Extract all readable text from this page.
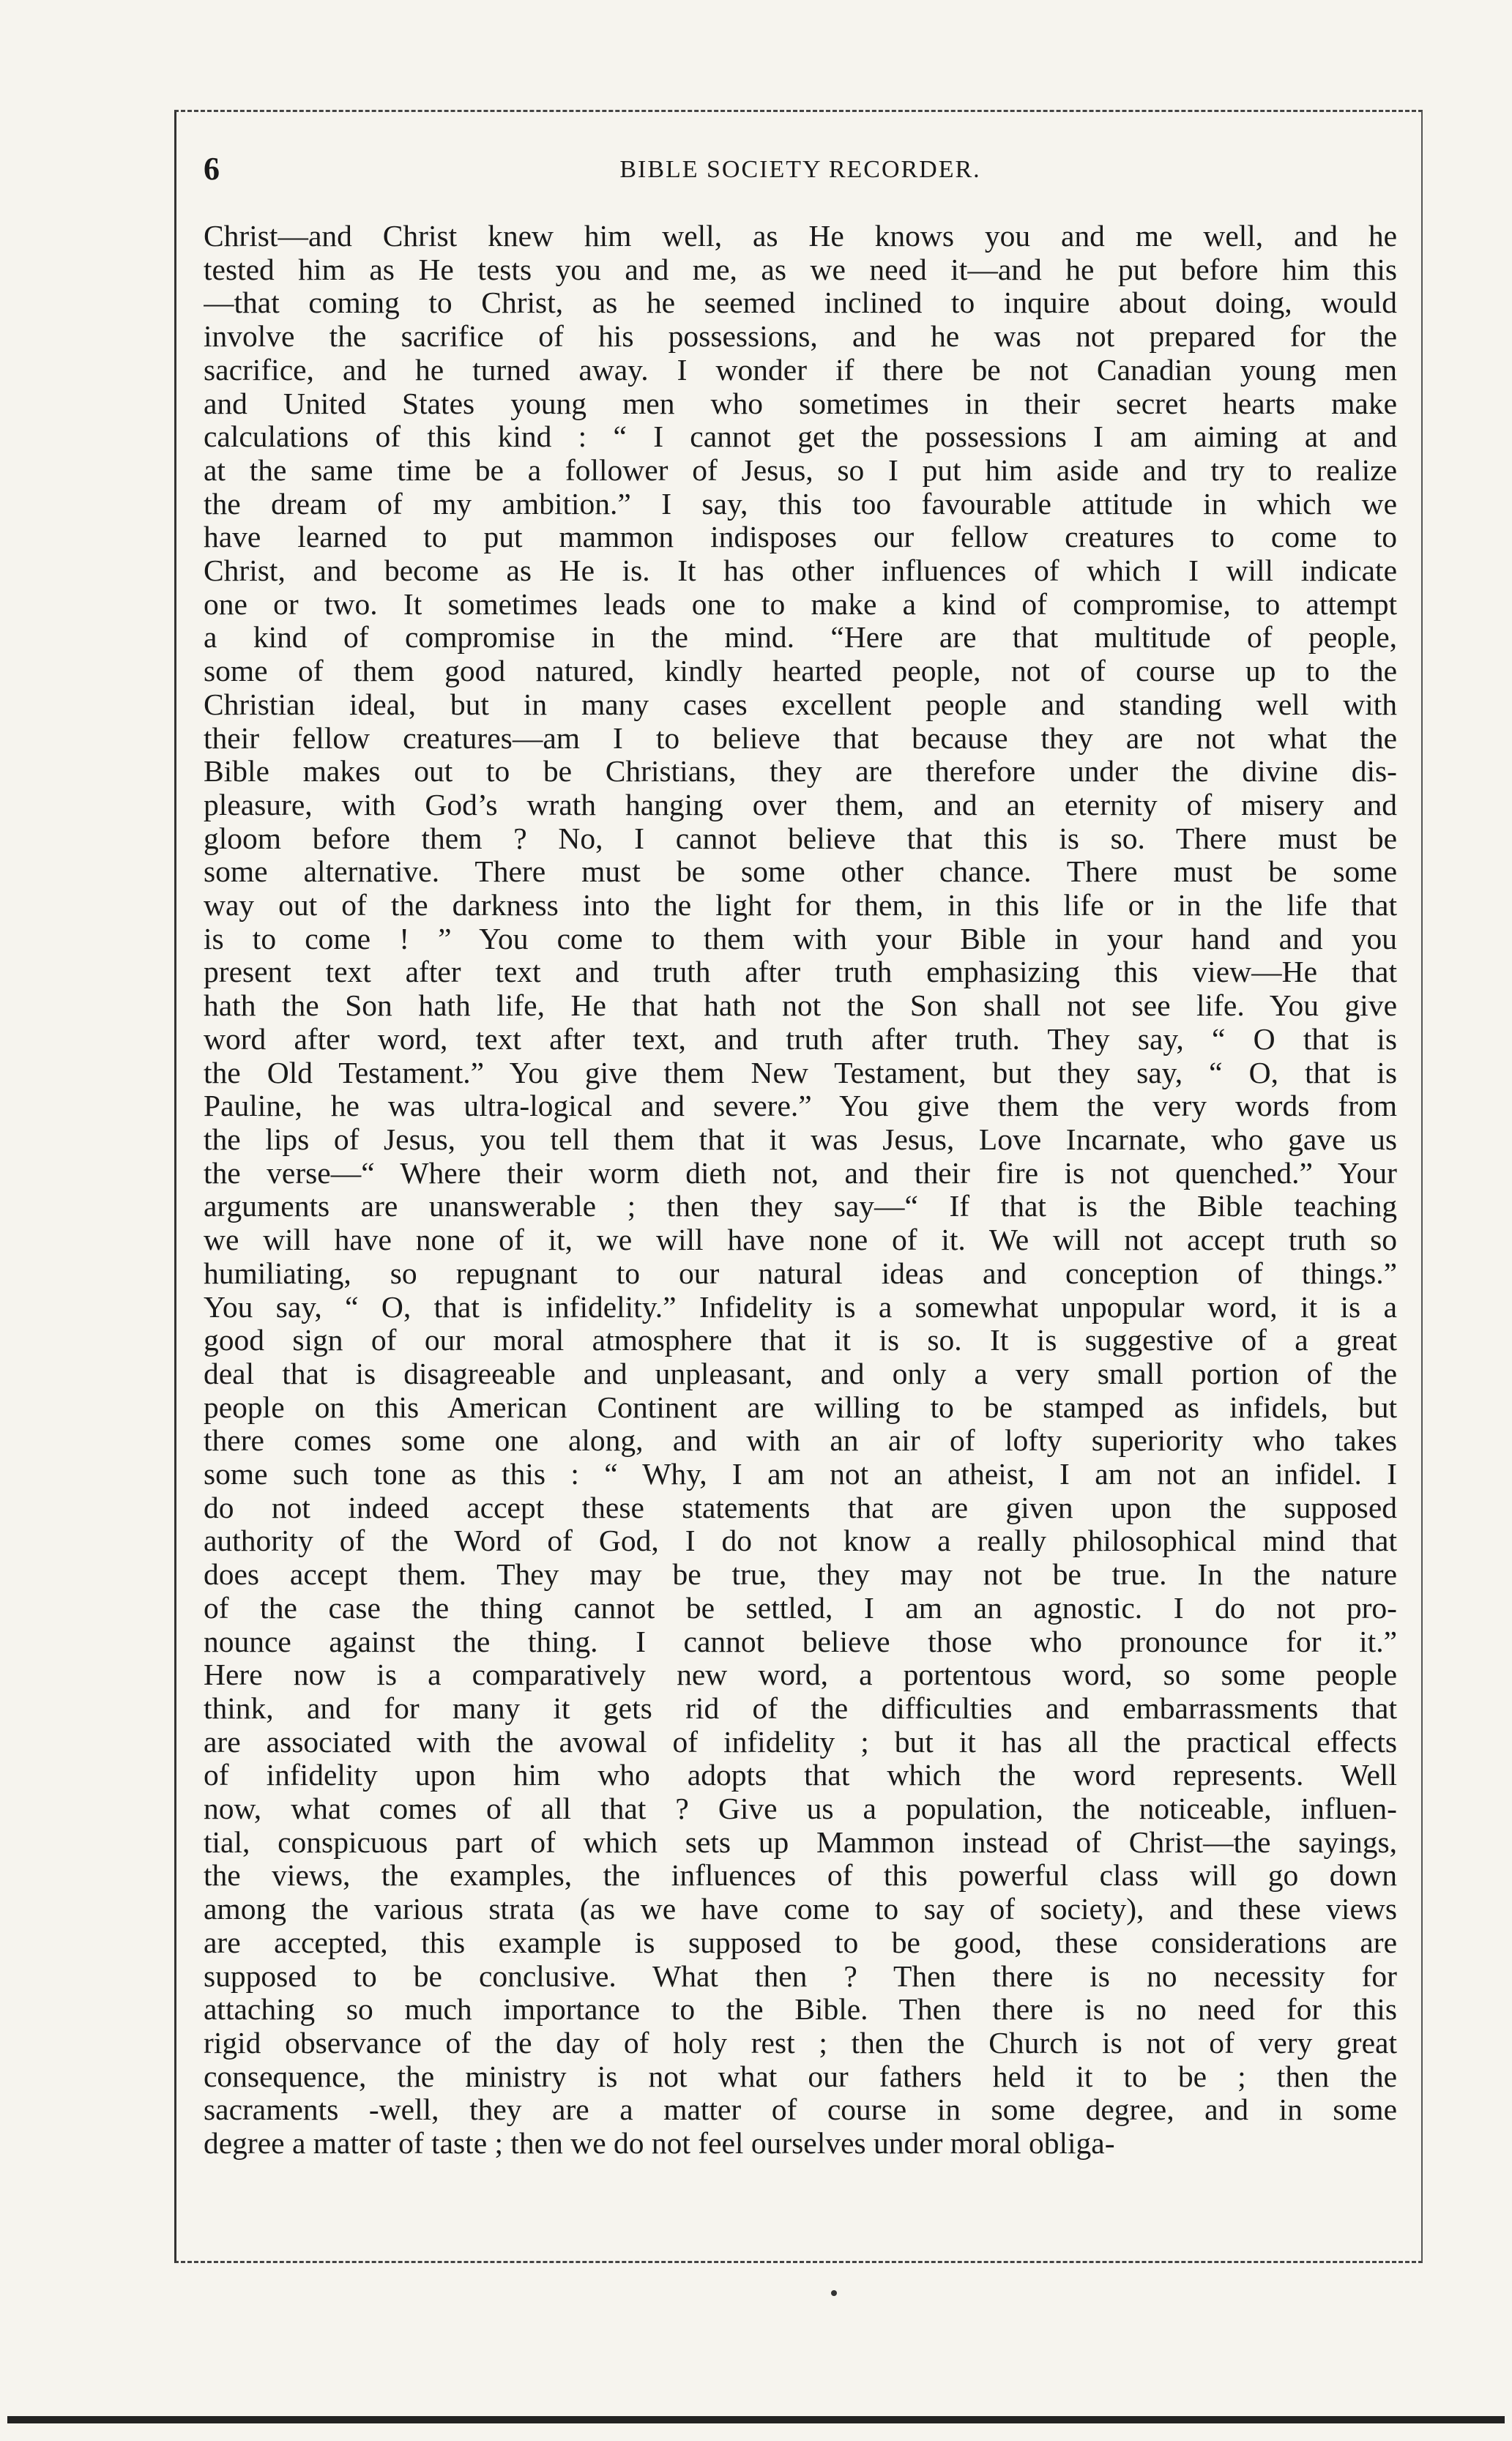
6	BIBLE SOCIETY RECORDER.
Christ—and Christ knew him well, as He knows you and me well, and he
tested him as He tests you and me, as we need it—and he put before him this
—that coming to Christ, as he seemed inclined to inquire about doing, would
involve the sacrifice of his possessions, and he was not prepared for the
sacrifice, and he turned away. I wonder if there be not Canadian young men
and United States young men who sometimes in their secret hearts make
calculations of this kind : “ I cannot get the possessions I am aiming at and
at the same time be a follower of Jesus, so I put him aside and try to realize
the dream of my ambition.” I say, this too favourable attitude in which we
have learned to put mammon indisposes our fellow creatures to come to
Christ, and become as He is. It has other influences of which I will indicate
one or two. It sometimes leads one to make a kind of compromise, to attempt
a kind of compromise in the mind. “Here are that multitude of people,
some of them good natured, kindly hearted people, not of course up to the
Christian ideal, but in many cases excellent people and standing well with
their fellow creatures—am I to believe that because they are not what the
Bible makes out to be Christians, they are therefore under the divine dis-
pleasure, with God’s wrath hanging over them, and an eternity of misery and
gloom before them ? No, I cannot believe that this is so. There must be
some alternative. There must be some other chance. There must be some
way out of the darkness into the light for them, in this life or in the life that
is to come ! ” You come to them with your Bible in your hand and you
present text after text and truth after truth emphasizing this view—He that
hath the Son hath life, He that hath not the Son shall not see life. You give
word after word, text after text, and truth after truth. They say, “ O that is
the Old Testament.” You give them New Testament, but they say, “ O, that is
Pauline, he was ultra-logical and severe.” You give them the very words from
the lips of Jesus, you tell them that it was Jesus, Love Incarnate, who gave us
the verse—“ Where their worm dieth not, and their fire is not quenched.” Your
arguments are unanswerable ; then they say—“ If that is the Bible teaching
we will have none of it, we will have none of it. We will not accept truth so
humiliating, so repugnant to our natural ideas and conception of things.”
You say, “ O, that is infidelity.” Infidelity is a somewhat unpopular word, it is a
good sign of our moral atmosphere that it is so. It is suggestive of a great
deal that is disagreeable and unpleasant, and only a very small portion of the
people on this American Continent are willing to be stamped as infidels, but
there comes some one along, and with an air of lofty superiority who takes
some such tone as this : “ Why, I am not an atheist, I am not an infidel. I
do not indeed accept these statements that are given upon the supposed
authority of the Word of God, I do not know a really philosophical mind that
does accept them. They may be true, they may not be true. In the nature
of the case the thing cannot be settled, I am an agnostic. I do not pro-
nounce against the thing. I cannot believe those who pronounce for it.”
Here now is a comparatively new word, a portentous word, so some people
think, and for many it gets rid of the difficulties and embarrassments that
are associated with the avowal of infidelity ; but it has all the practical effects
of infidelity upon him who adopts that which the word represents. Well
now, what comes of all that ? Give us a population, the noticeable, influen-
tial, conspicuous part of which sets up Mammon instead of Christ—the sayings,
the views, the examples, the influences of this powerful class will go down
among the various strata (as we have come to say of society), and these views
are accepted, this example is supposed to be good, these considerations are
supposed to be conclusive. What then ? Then there is no necessity for
attaching so much importance to the Bible. Then there is no need for this
rigid observance of the day of holy rest ; then the Church is not of very great
consequence, the ministry is not what our fathers held it to be ; then the
sacraments -well, they are a matter of course in some degree, and in some
degree a matter of taste ; then we do not feel ourselves under moral obliga-
